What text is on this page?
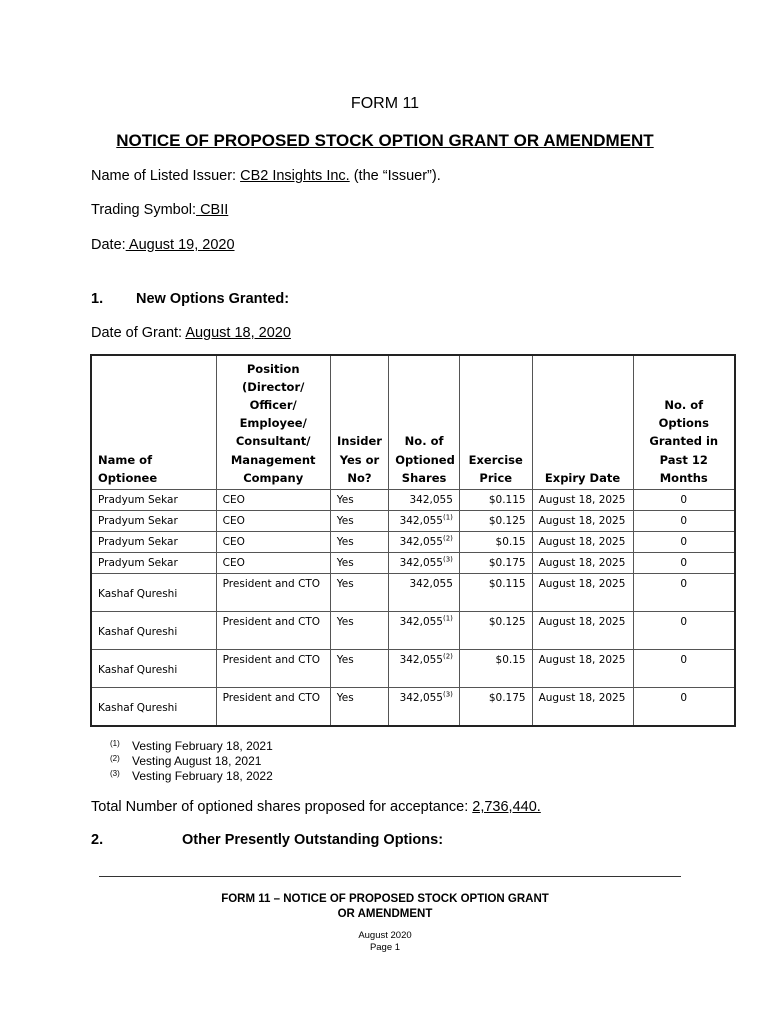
FORM 11
NOTICE OF PROPOSED STOCK OPTION GRANT OR AMENDMENT
Name of Listed Issuer: CB2 Insights Inc. (the “Issuer”).
Trading Symbol: CBII
Date: August 19, 2020
1. New Options Granted:
Date of Grant: August 18, 2020
Name of Optionee	Position (Director/ Officer/ Employee/ Consultant/ Management Company	Insider Yes or No?	No. of Optioned Shares	Exercise Price	Expiry Date	No. of Options Granted in Past 12 Months
Pradyum Sekar	CEO	Yes	342,055	$0.115	August 18, 2025	0
Pradyum Sekar	CEO	Yes	342,055$^{(1)}$	$0.125	August 18, 2025	0
Pradyum Sekar	CEO	Yes	342,055$^{(2)}$	$0.15	August 18, 2025	0
Pradyum Sekar	CEO	Yes	342,055$^{(3)}$	$0.175	August 18, 2025	0
Kashaf Qureshi	President and CTO	Yes	342,055	$0.115	August 18, 2025	0
Kashaf Qureshi	President and CTO	Yes	342,055$^{(1)}$	$0.125	August 18, 2025	0
Kashaf Qureshi	President and CTO	Yes	342,055$^{(2)}$	$0.15	August 18, 2025	0
Kashaf Qureshi	President and CTO	Yes	342,055$^{(3)}$	$0.175	August 18, 2025	0
(1) Vesting February 18, 2021
(2) Vesting August 18, 2021
(3) Vesting February 18, 2022
Total Number of optioned shares proposed for acceptance: 2,736,440.
2.	Other Presently Outstanding Options:
FORM 11 – NOTICE OF PROPOSED STOCK OPTION GRANT
OR AMENDMENT
August 2020
Page 1
